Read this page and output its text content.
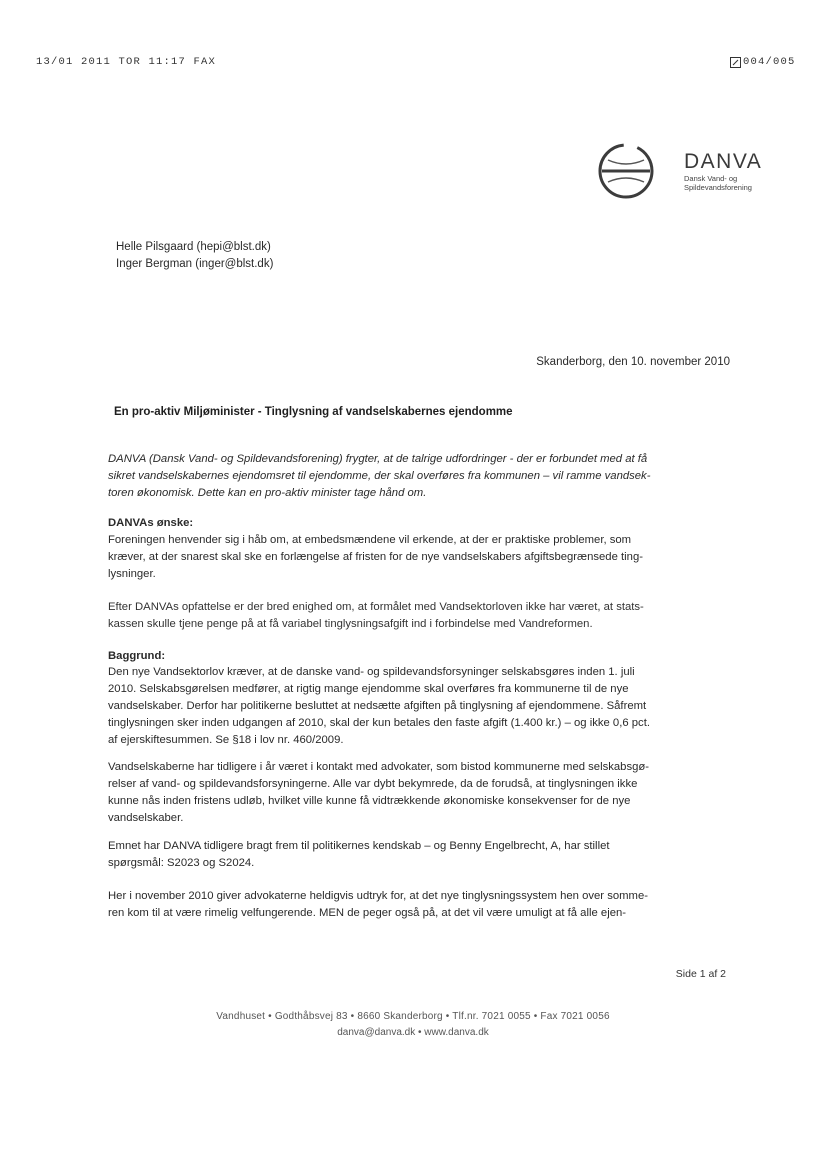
13/01 2011 TOR 11:17 FAX	004/005
DANVA
Dansk Vand- og
Spildevandsforening
Helle Pilsgaard (hepi@blst.dk)
Inger Bergman (inger@blst.dk)
Skanderborg, den 10. november 2010
En pro-aktiv Miljøminister - Tinglysning af vandselskabernes ejendomme

DANVA (Dansk Vand- og Spildevandsforening) frygter, at de talrige udfordringer - der er forbundet med at få

sikret vandselskabernes ejendomsret til ejendomme, der skal overføres fra kommunen – vil ramme vandsek-

toren økonomisk. Dette kan en pro-aktiv minister tage hånd om.

DANVAs ønske:

Foreningen henvender sig i håb om, at embedsmændene vil erkende, at der er praktiske problemer, som

kræver, at der snarest skal ske en forlængelse af fristen for de nye vandselskabers afgiftsbegrænsede ting-

lysninger.

Efter DANVAs opfattelse er der bred enighed om, at formålet med Vandsektorloven ikke har været, at stats-

kassen skulle tjene penge på at få variabel tinglysningsafgift ind i forbindelse med Vandreformen.

Baggrund:

Den nye Vandsektorlov kræver, at de danske vand- og spildevandsforsyninger selskabsgøres inden 1. juli

2010. Selskabsgørelsen medfører, at rigtig mange ejendomme skal overføres fra kommunerne til de nye

vandselskaber. Derfor har politikerne besluttet at nedsætte afgiften på tinglysning af ejendommene. Såfremt

tinglysningen sker inden udgangen af 2010, skal der kun betales den faste afgift (1.400 kr.) – og ikke 0,6 pct.

af ejerskiftesummen. Se §18 i lov nr. 460/2009.

Vandselskaberne har tidligere i år været i kontakt med advokater, som bistod kommunerne med selskabsgø-

relser af vand- og spildevandsforsyningerne. Alle var dybt bekymrede, da de forudså, at tinglysningen ikke

kunne nås inden fristens udløb, hvilket ville kunne få vidtrækkende økonomiske konsekvenser for de nye

vandselskaber.

Emnet har DANVA tidligere bragt frem til politikernes kendskab – og Benny Engelbrecht, A, har stillet

spørgsmål: S2023 og S2024.

Her i november 2010 giver advokaterne heldigvis udtryk for, at det nye tinglysningssystem hen over somme-

ren kom til at være rimelig velfungerende. MEN de peger også på, at det vil være umuligt at få alle ejen-

Side 1 af 2
Vandhuset • Godthåbsvej 83 • 8660 Skanderborg • Tlf.nr. 7021 0055 • Fax 7021 0056
danva@danva.dk • www.danva.dk
